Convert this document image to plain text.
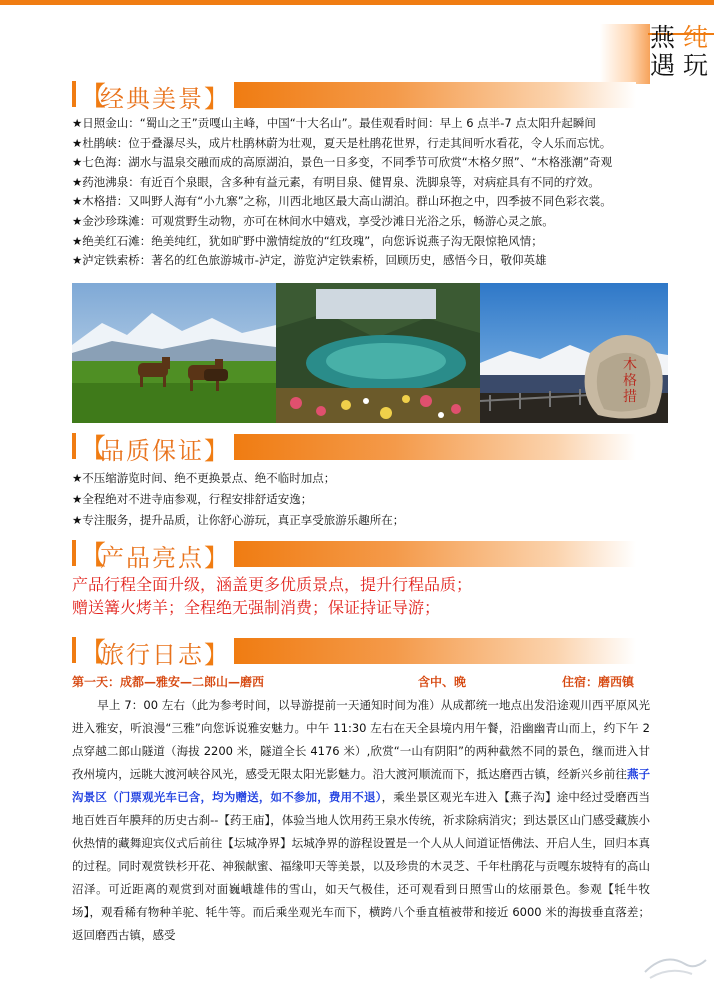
燕
遇
纯
玩
【
经典美景】
★日照金山：“蜀山之王”贡嘎山主峰，中国“十大名山”。最佳观看时间：早上 6 点半-7 点太阳升起瞬间
★杜鹃峡：位于叠瀑尽头，成片杜鹃林蔚为壮观，夏天是杜鹃花世界，行走其间听水看花，令人乐而忘忧。
★七色海：湖水与温泉交融而成的高原湖泊，景色一日多变，不同季节可欣赏“木格夕照”、“木格涨潮”奇观
★药池沸泉：有近百个泉眼，含多种有益元素，有明目泉、健胃泉、洗脚泉等，对病症具有不同的疗效。
★木格措：又叫野人海有“小九寨”之称，川西北地区最大高山湖泊。群山环抱之中，四季披不同色彩衣裳。
★金沙珍珠滩：可观赏野生动物，亦可在林间水中嬉戏，享受沙滩日光浴之乐，畅游心灵之旅。
★绝美红石滩：绝美纯红，犹如旷野中激情绽放的“红玫瑰”，向您诉说燕子沟无限惊艳风情；
★泸定铁索桥：著名的红色旅游城市-泸定，游览泸定铁索桥，回顾历史，感悟今日，敬仰英雄
木格措
【
品质保证】
★不压缩游览时间、绝不更换景点、绝不临时加点；
★全程绝对不进寺庙参观，行程安排舒适安逸；
★专注服务，提升品质，让你舒心游玩，真正享受旅游乐趣所在；
【
产品亮点】
产品行程全面升级，涵盖更多优质景点，提升行程品质；
赠送篝火烤羊；全程绝无强制消费；保证持证导游；
【
旅行日志】
第一天：成都—雅安—二郎山—磨西	含中、晚	住宿：磨西镇

早上 7：00 左右（此为参考时间，以导游提前一天通知时间为准）从成都统一地点出发沿途观川西平原风光进入雅安，听浪漫“三雅”向您诉说雅安魅力。中午 11:30 左右在天全县境内用午餐，沿幽幽青山而上，约下午 2 点穿越二郎山隧道（海拔 2200 米，隧道全长 4176 米）,欣赏“一山有阴阳”的两种截然不同的景色，继而进入甘孜州境内，远眺大渡河峡谷风光，感受无限太阳光影魅力。沿大渡河顺流而下，抵达磨西古镇，经新兴乡前往燕子沟景区（门票观光车已含，均为赠送，如不参加，费用不退），乘坐景区观光车进入【燕子沟】途中经过受磨西当地百姓百年膜拜的历史古刹--【药王庙】，体验当地人饮用药王泉水传统，祈求除病消灾；到达景区山门感受藏族小伙热情的藏舞迎宾仪式后前往【坛城净界】坛城净界的游程设置是一个人从人间道证悟佛法、开启人生，回归本真的过程。同时观赏铁杉开花、神猴献蜜、福缘叩天等美景，以及珍贵的木灵芝、千年杜鹃花与贡嘎东坡特有的高山沼泽。可近距离的观赏到对面巍峨雄伟的雪山，如天气极佳，还可观看到日照雪山的炫丽景色。参观【牦牛牧场】，观看稀有物种羊驼、牦牛等。而后乘坐观光车而下，横跨八个垂直植被带和接近 6000 米的海拔垂直落差；返回磨西古镇，感受
